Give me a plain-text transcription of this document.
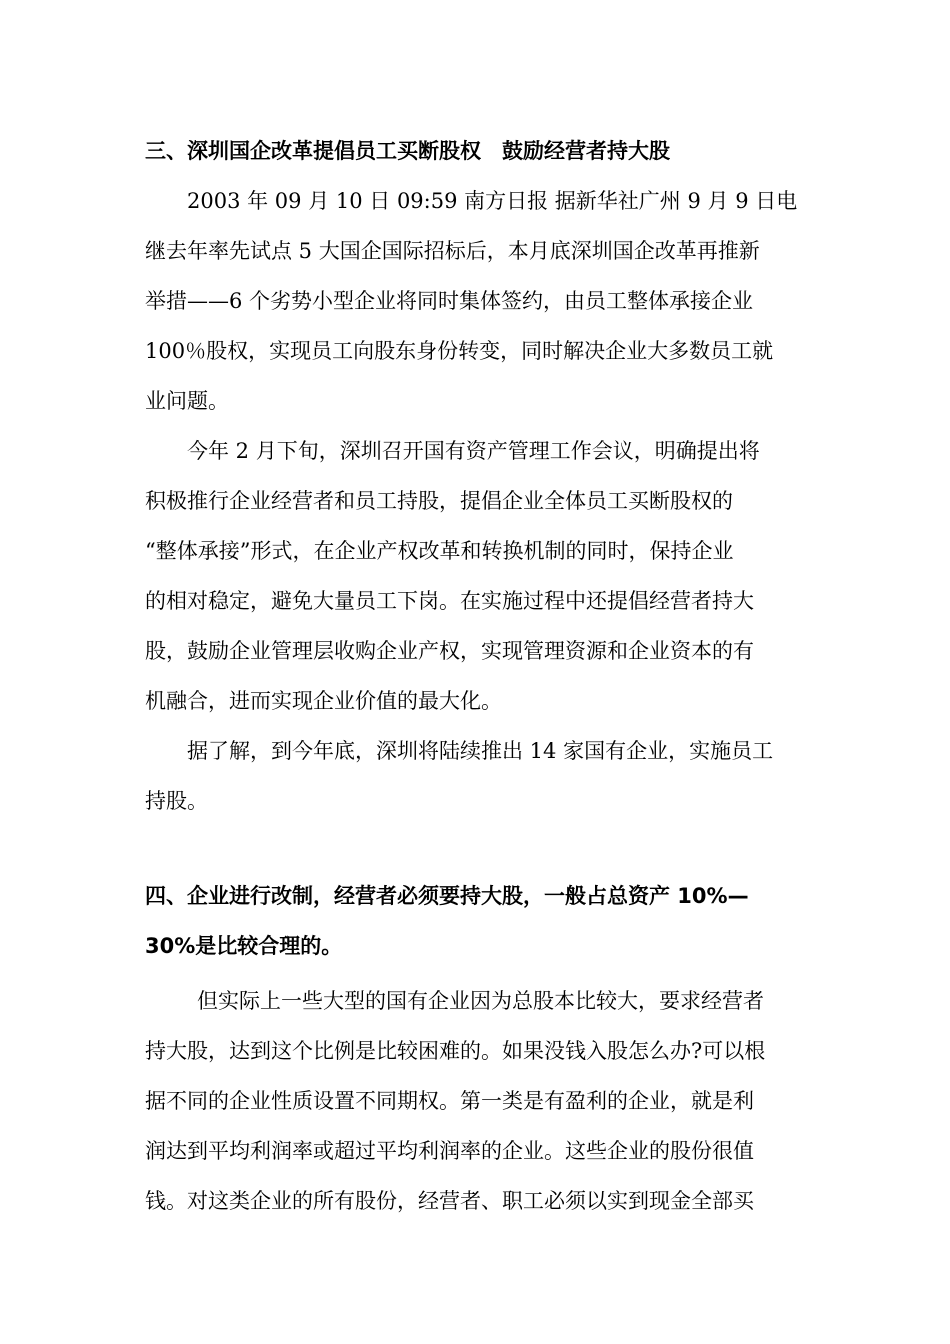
三、深圳国企改革提倡员工买断股权　鼓励经营者持大股
2003 年 09 月 10 日 09:59 南方日报 据新华社广州 9 月 9 日电
继去年率先试点 5 大国企国际招标后，本月底深圳国企改革再推新
举措——6 个劣势小型企业将同时集体签约，由员工整体承接企业
100％股权，实现员工向股东身份转变，同时解决企业大多数员工就
业问题。
今年 2 月下旬，深圳召开国有资产管理工作会议，明确提出将
积极推行企业经营者和员工持股，提倡企业全体员工买断股权的
“整体承接”形式，在企业产权改革和转换机制的同时，保持企业
的相对稳定，避免大量员工下岗。在实施过程中还提倡经营者持大
股，鼓励企业管理层收购企业产权，实现管理资源和企业资本的有
机融合，进而实现企业价值的最大化。
据了解，到今年底，深圳将陆续推出 14 家国有企业，实施员工
持股。
四、企业进行改制，经营者必须要持大股，一般占总资产 10%—
30%是比较合理的。
但实际上一些大型的国有企业因为总股本比较大，要求经营者
持大股，达到这个比例是比较困难的。如果没钱入股怎么办?可以根
据不同的企业性质设置不同期权。第一类是有盈利的企业，就是利
润达到平均利润率或超过平均利润率的企业。这些企业的股份很值
钱。对这类企业的所有股份，经营者、职工必须以实到现金全部买
